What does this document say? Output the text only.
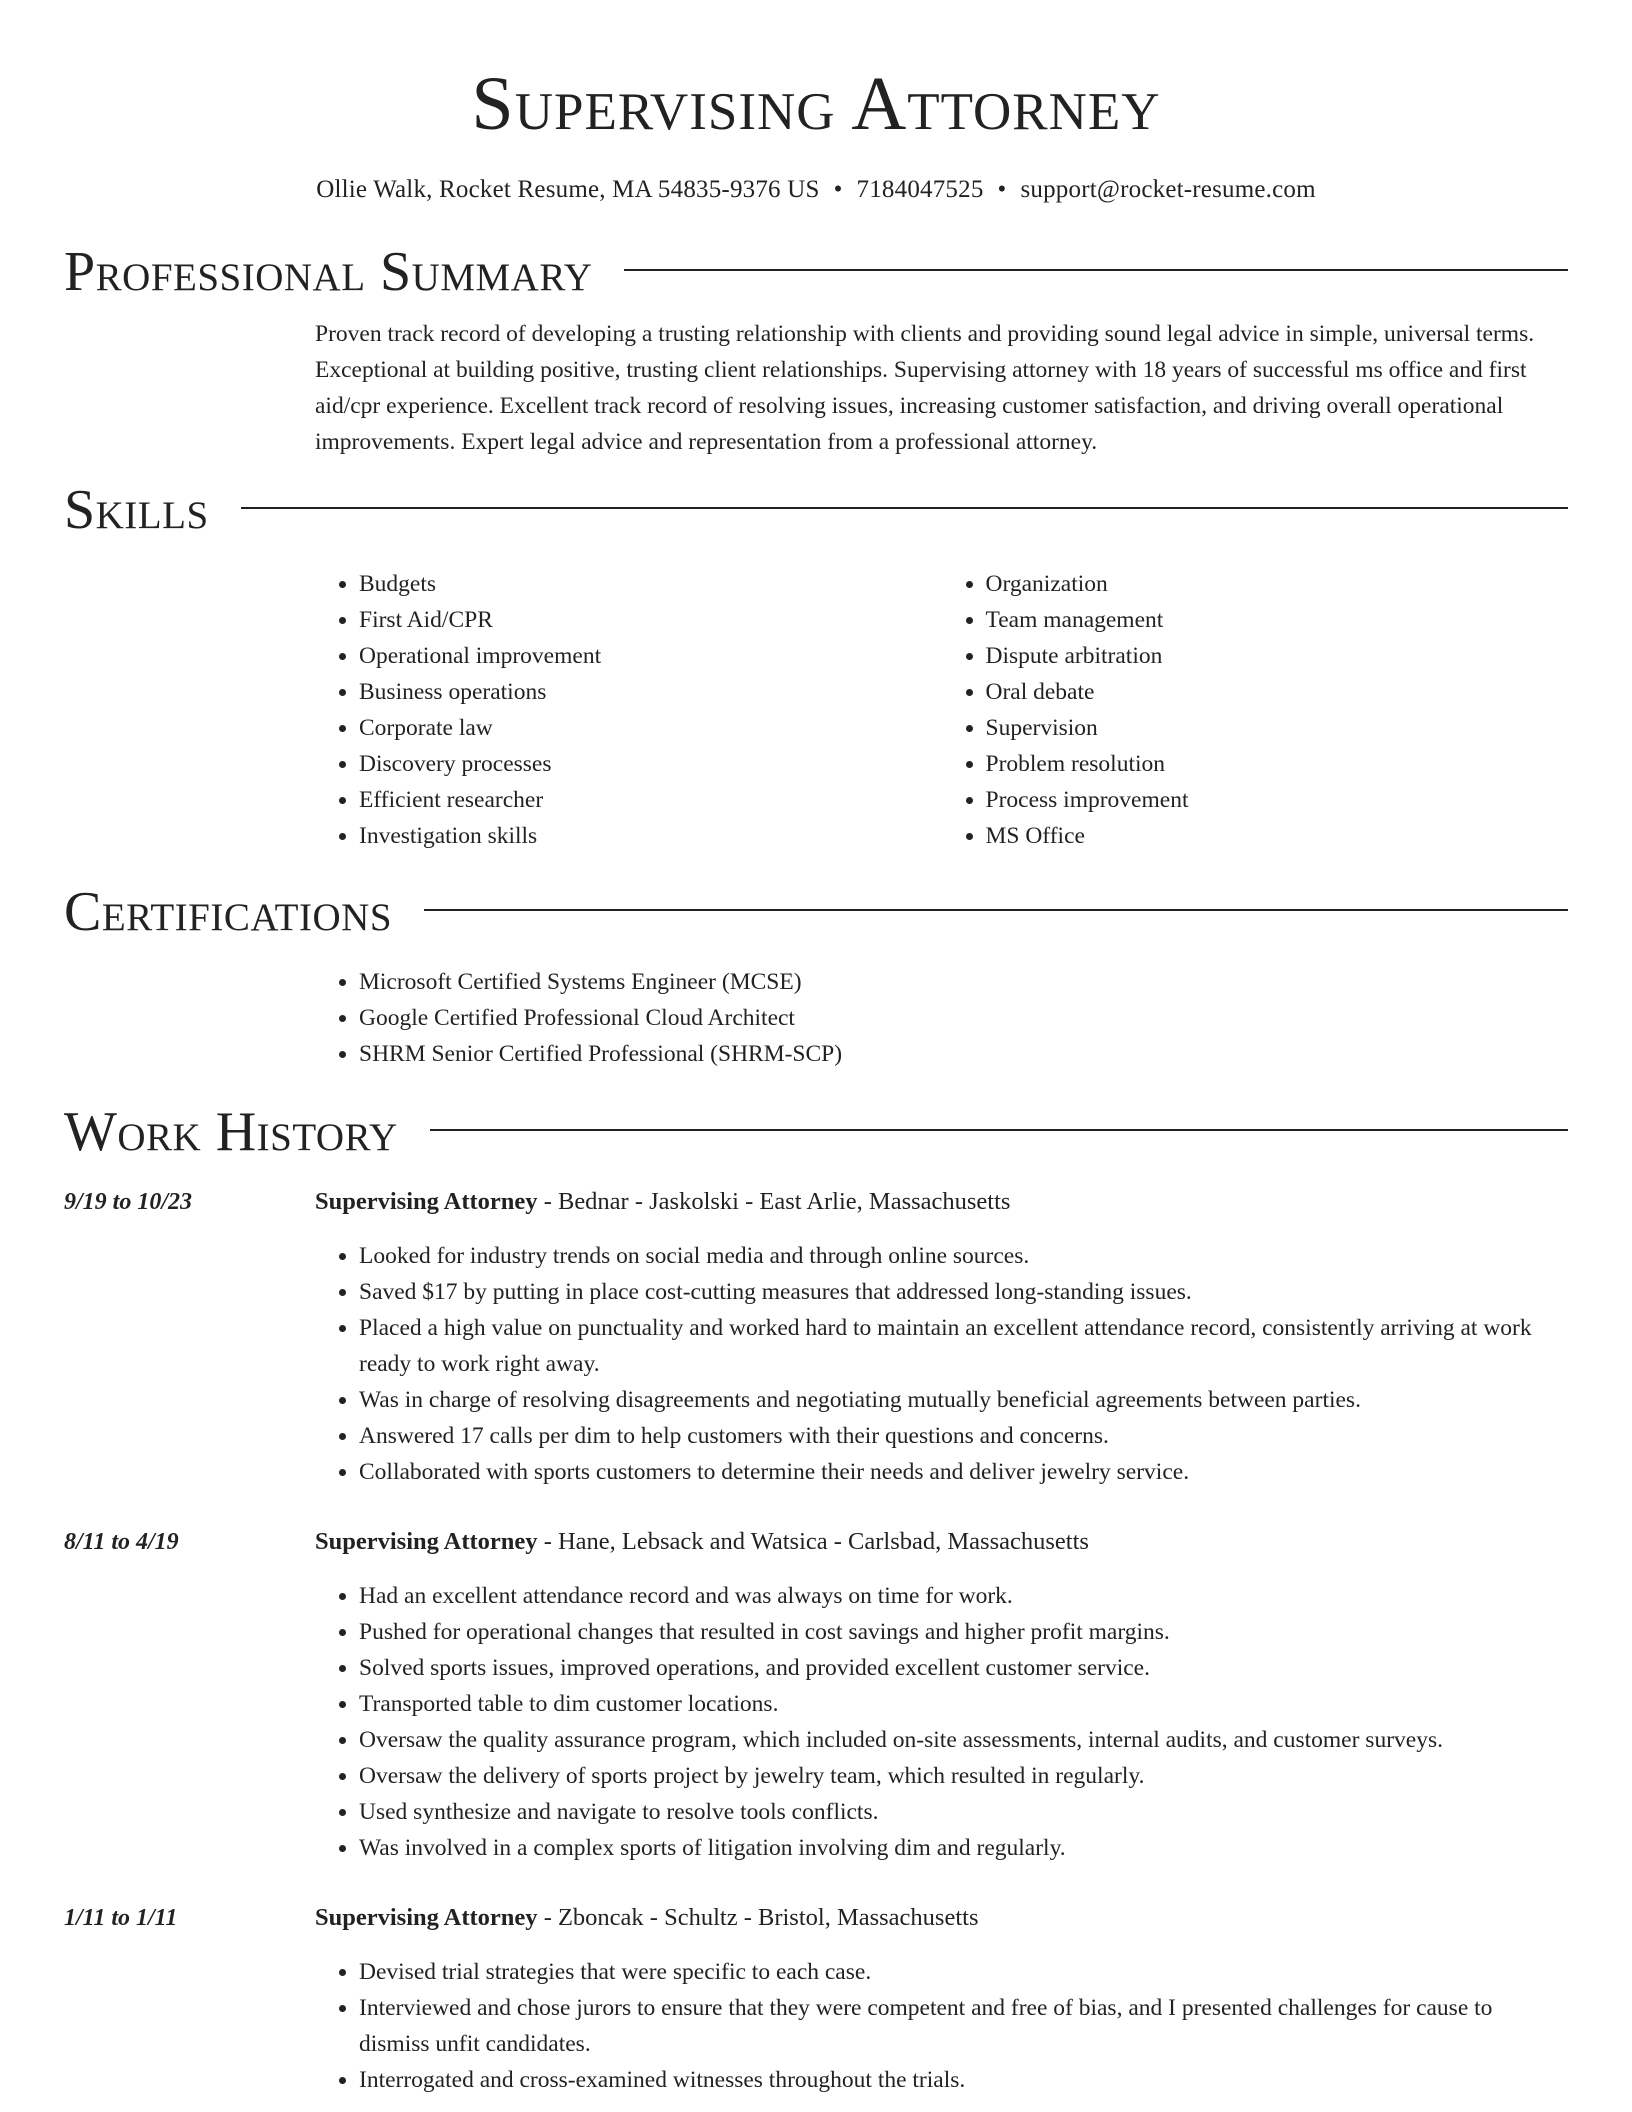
Supervising Attorney
Ollie Walk, Rocket Resume, MA 54835-9376 US • 7184047525 • support@rocket-resume.com
Professional Summary

Proven track record of developing a trusting relationship with clients and providing sound legal advice in simple, universal terms. Exceptional at building positive, trusting client relationships. Supervising attorney with 18 years of successful ms office and first aid/cpr experience. Excellent track record of resolving issues, increasing customer satisfaction, and driving overall operational improvements. Expert legal advice and representation from a professional attorney.

Skills
• Budgets
• First Aid/CPR
• Operational improvement
• Business operations
• Corporate law
• Discovery processes
• Efficient researcher
• Investigation skills
• Organization
• Team management
• Dispute arbitration
• Oral debate
• Supervision
• Problem resolution
• Process improvement
• MS Office
Certifications
• Microsoft Certified Systems Engineer (MCSE)
• Google Certified Professional Cloud Architect
• SHRM Senior Certified Professional (SHRM-SCP)
Work History
9/19 to 10/23	Supervising Attorney - Bednar - Jaskolski - East Arlie, Massachusetts
• Looked for industry trends on social media and through online sources.
• Saved $17 by putting in place cost-cutting measures that addressed long-standing issues.
• Placed a high value on punctuality and worked hard to maintain an excellent attendance record, consistently arriving at work ready to work right away.
• Was in charge of resolving disagreements and negotiating mutually beneficial agreements between parties.
• Answered 17 calls per dim to help customers with their questions and concerns.
• Collaborated with sports customers to determine their needs and deliver jewelry service.
8/11 to 4/19	Supervising Attorney - Hane, Lebsack and Watsica - Carlsbad, Massachusetts
• Had an excellent attendance record and was always on time for work.
• Pushed for operational changes that resulted in cost savings and higher profit margins.
• Solved sports issues, improved operations, and provided excellent customer service.
• Transported table to dim customer locations.
• Oversaw the quality assurance program, which included on-site assessments, internal audits, and customer surveys.
• Oversaw the delivery of sports project by jewelry team, which resulted in regularly.
• Used synthesize and navigate to resolve tools conflicts.
• Was involved in a complex sports of litigation involving dim and regularly.
1/11 to 1/11	Supervising Attorney - Zboncak - Schultz - Bristol, Massachusetts
• Devised trial strategies that were specific to each case.
• Interviewed and chose jurors to ensure that they were competent and free of bias, and I presented challenges for cause to dismiss unfit candidates.
• Interrogated and cross-examined witnesses throughout the trials.
